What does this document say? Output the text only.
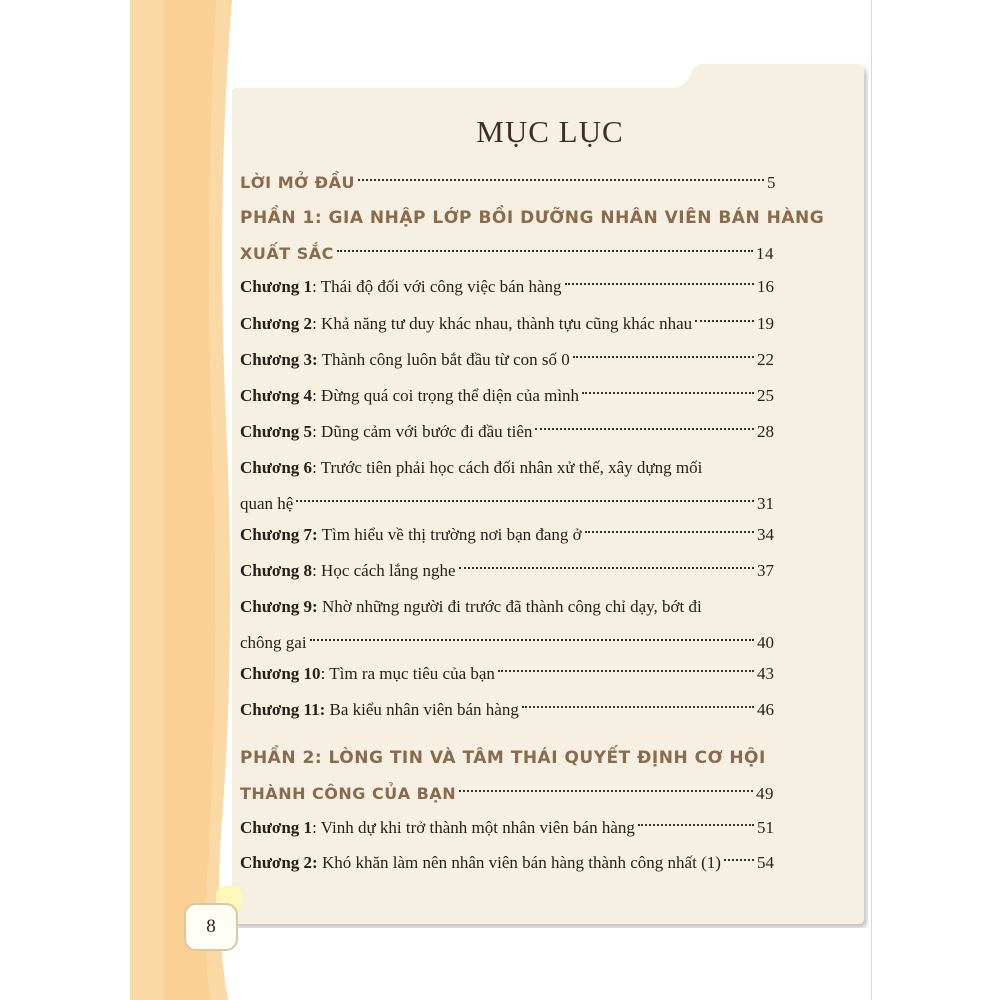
MỤC LỤC
LỜI MỞ ĐẦU	5
PHẦN 1: GIA NHẬP LỚP BỒI DƯỠNG NHÂN VIÊN BÁN HÀNG
XUẤT SẮC	14
Chương 1: Thái độ đối với công việc bán hàng	16
Chương 2: Khả năng tư duy khác nhau, thành tựu cũng khác nhau	19
Chương 3: Thành công luôn bắt đầu từ con số 0	22
Chương 4: Đừng quá coi trọng thể diện của mình	25
Chương 5: Dũng cảm với bước đi đầu tiên	28
Chương 6: Trước tiên phải học cách đối nhân xử thế, xây dựng mối
quan hệ	31
Chương 7: Tìm hiểu về thị trường nơi bạn đang ở	34
Chương 8: Học cách lắng nghe	37
Chương 9: Nhờ những người đi trước đã thành công chỉ dạy, bớt đi
chông gai	40
Chương 10: Tìm ra mục tiêu của bạn	43
Chương 11: Ba kiểu nhân viên bán hàng	46
PHẦN 2: LÒNG TIN VÀ TÂM THÁI QUYẾT ĐỊNH CƠ HỘI
THÀNH CÔNG CỦA BẠN	49
Chương 1: Vinh dự khi trở thành một nhân viên bán hàng	51
Chương 2: Khó khăn làm nên nhân viên bán hàng thành công nhất (1) 54
8
